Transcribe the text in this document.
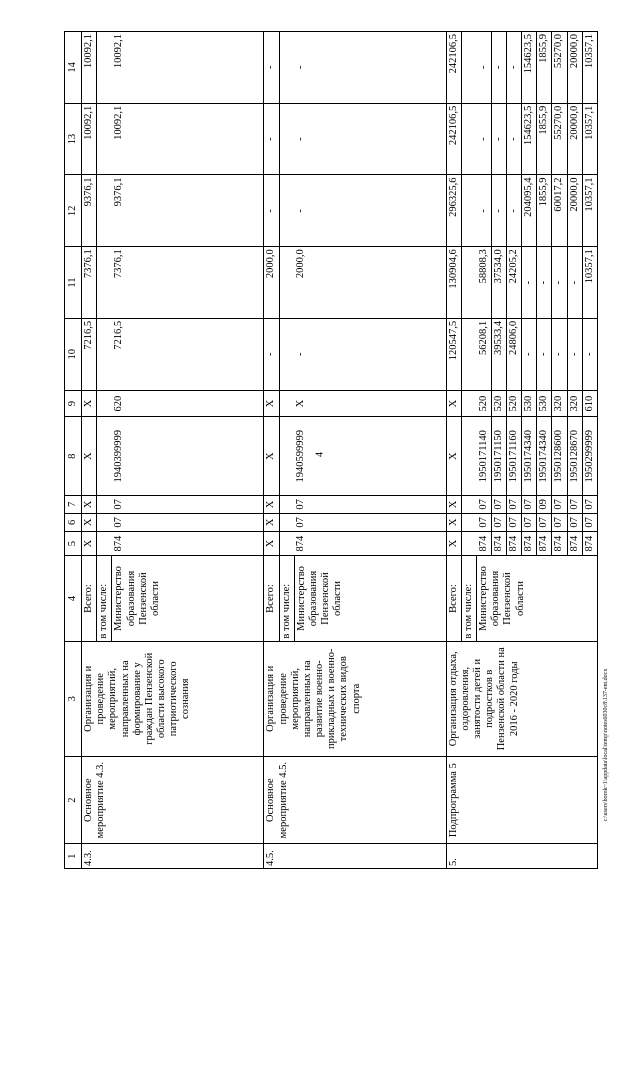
4
c:\users\borok~1\appdata\local\temp\notes6030c8\137-ent.docx
1	2	3	4	5	6	7	8	9	10	11	12	13	14
4.3.	Основное мероприятие 4.3.	Организация и проведение мероприятий, направленных на формирование у граждан Пензенской области высокого патриотического сознания	Всего:	X	X	X	X	X	7216,5	7376,1	9376,1	10092,1	10092,1
			в том числе:										
			Министерство образования Пензенской области	874	07	07	1940399999	620	7216,5	7376,1	9376,1	10092,1	10092,1
4.5.	Основное мероприятие 4.5.	Организация и проведение мероприятий, направленных на развитие военно-прикладных и военно-технических видов спорта	Всего:	X	X	X	X	X	-	2000,0	-	-	-
			в том числе:										
			Министерство образования Пензенской области	874	07	07	1940599999	X	-	2000,0	-	-	-
5.	Подпрограмма 5	Организация отдыха, оздоровления, занятости детей и подростков в Пензенской области на 2016 - 2020 годы	Всего:	X	X	X	X	X	120547,5	130904,6	296325,6	242106,5	242106,5
			в том числе:										
			Министерство образования Пензенской области	874	07	07	1950171140	520	56208,1	58808,3	-	-	-
				874	07	07	1950171150	520	39533,4	37534,0	-	-	-
				874	07	07	1950171160	520	24806,0	24205,2	-	-	-
				874	07	07	1950174340	530	-	-	204095,4	154623,5	154623,5
				874	07	09	1950174340	530	-	-	1855,9	1855,9	1855,9
				874	07	07	1950128600	320	-	-	60017,2	55270,0	55270,0
				874	07	07	1950128670	320	-	-	20000,0	20000,0	20000,0
				874	07	07	1950299999	610	-	10357,1	10357,1	10357,1	10357,1
